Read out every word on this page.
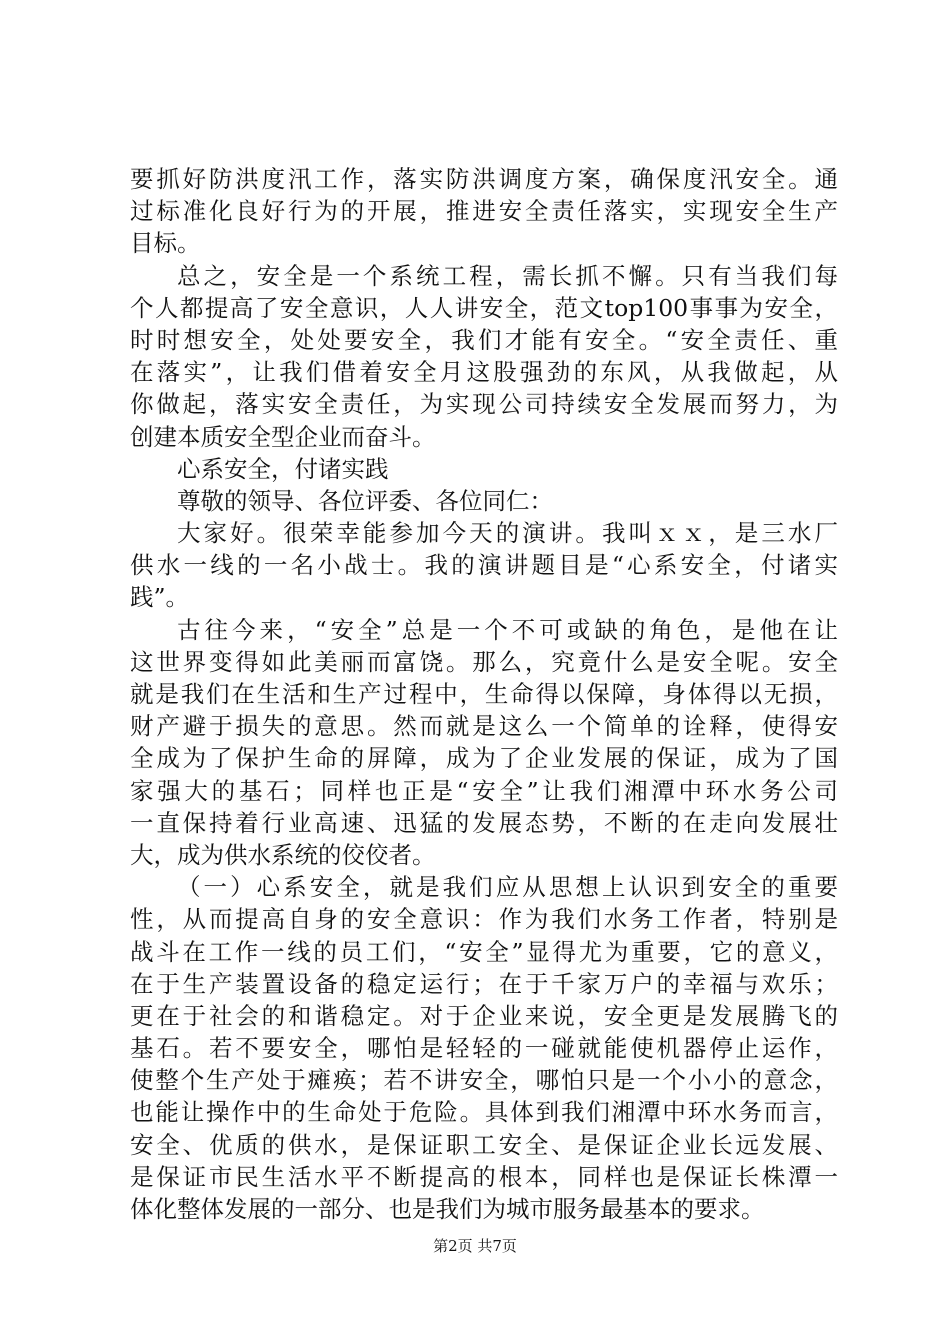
要抓好防洪度汛工作，落实防洪调度方案，确保度汛安全。通
过标准化良好行为的开展，推进安全责任落实，实现安全生产
目标。
总之，安全是一个系统工程，需长抓不懈。只有当我们每
个人都提高了安全意识，人人讲安全，范文top100事事为安全，
时时想安全，处处要安全，我们才能有安全。“安全责任、重
在落实”，让我们借着安全月这股强劲的东风，从我做起，从
你做起，落实安全责任，为实现公司持续安全发展而努力，为
创建本质安全型企业而奋斗。
心系安全，付诸实践
尊敬的领导、各位评委、各位同仁：
大家好。很荣幸能参加今天的演讲。我叫ｘｘ，是三水厂
供水一线的一名小战士。我的演讲题目是“心系安全，付诸实
践”。
古往今来，“安全”总是一个不可或缺的角色，是他在让
这世界变得如此美丽而富饶。那么，究竟什么是安全呢。安全
就是我们在生活和生产过程中，生命得以保障，身体得以无损，
财产避于损失的意思。然而就是这么一个简单的诠释，使得安
全成为了保护生命的屏障，成为了企业发展的保证，成为了国
家强大的基石；同样也正是“安全”让我们湘潭中环水务公司
一直保持着行业高速、迅猛的发展态势，不断的在走向发展壮
大，成为供水系统的佼佼者。
（一）心系安全，就是我们应从思想上认识到安全的重要
性，从而提高自身的安全意识：作为我们水务工作者，特别是
战斗在工作一线的员工们，“安全”显得尤为重要，它的意义，
在于生产装置设备的稳定运行；在于千家万户的幸福与欢乐；
更在于社会的和谐稳定。对于企业来说，安全更是发展腾飞的
基石。若不要安全，哪怕是轻轻的一碰就能使机器停止运作，
使整个生产处于瘫痪；若不讲安全，哪怕只是一个小小的意念，
也能让操作中的生命处于危险。具体到我们湘潭中环水务而言，
安全、优质的供水，是保证职工安全、是保证企业长远发展、
是保证市民生活水平不断提高的根本，同样也是保证长株潭一
体化整体发展的一部分、也是我们为城市服务最基本的要求。
第2页 共7页
